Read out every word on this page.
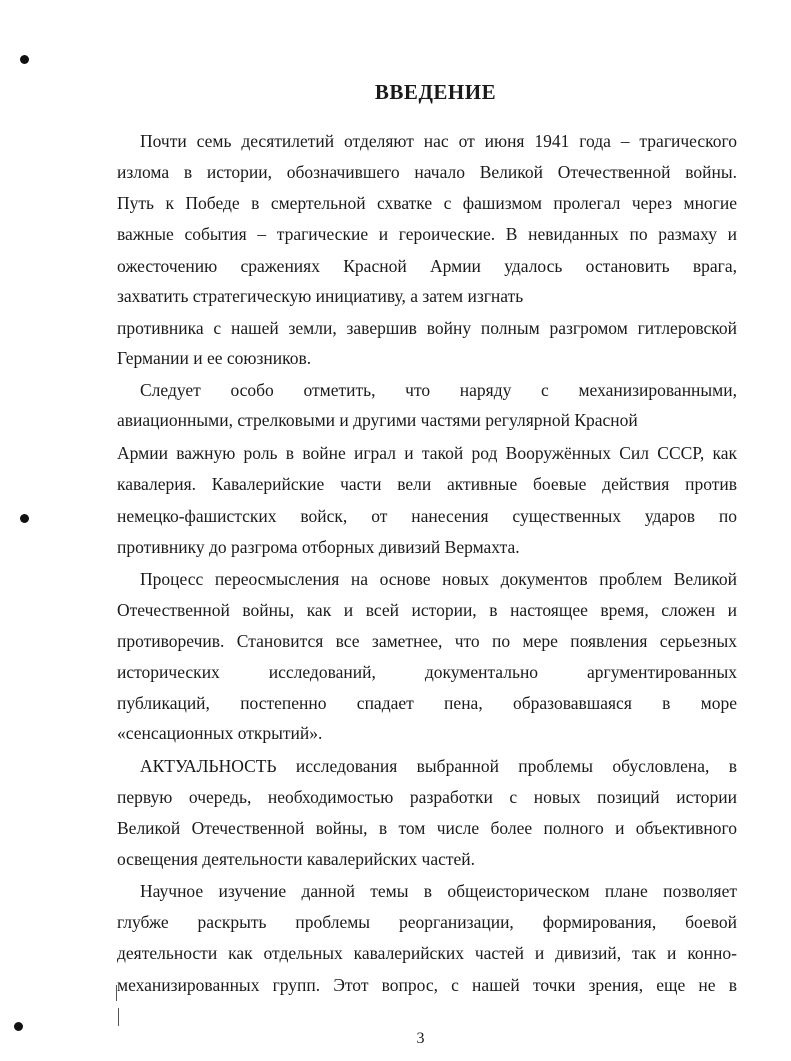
ВВЕДЕНИЕ
Почти семь десятилетий отделяют нас от июня 1941 года – трагического
излома в истории, обозначившего начало Великой Отечественной войны.
Путь к Победе в смертельной схватке с фашизмом пролегал через многие
важные события – трагические и героические. В невиданных по размаху и
ожесточению сражениях Красной Армии удалось остановить врага,
захватить стратегическую инициативу, а затем изгнать
противника с нашей земли, завершив войну полным разгромом гитлеровской
Германии и ее союзников.
Следует особо отметить, что наряду с механизированными,
авиационными, стрелковыми и другими частями регулярной Красной
Армии важную роль в войне играл и такой род Вооружённых Сил СССР, как
кавалерия. Кавалерийские части вели активные боевые действия против
немецко-фашистских войск, от нанесения существенных ударов по
противнику до разгрома отборных дивизий Вермахта.
Процесс переосмысления на основе новых документов проблем Великой
Отечественной войны, как и всей истории, в настоящее время, сложен и
противоречив. Становится все заметнее, что по мере появления серьезных
исторических исследований, документально аргументированных
публикаций, постепенно спадает пена, образовавшаяся в море
«сенсационных открытий».
АКТУАЛЬНОСТЬ исследования выбранной проблемы обусловлена, в
первую очередь, необходимостью разработки с новых позиций истории
Великой Отечественной войны, в том числе более полного и объективного
освещения деятельности кавалерийских частей.
Научное изучение данной темы в общеисторическом плане позволяет
глубже раскрыть проблемы реорганизации, формирования, боевой
деятельности как отдельных кавалерийских частей и дивизий, так и конно-
механизированных групп. Этот вопрос, с нашей точки зрения, еще не в
3
